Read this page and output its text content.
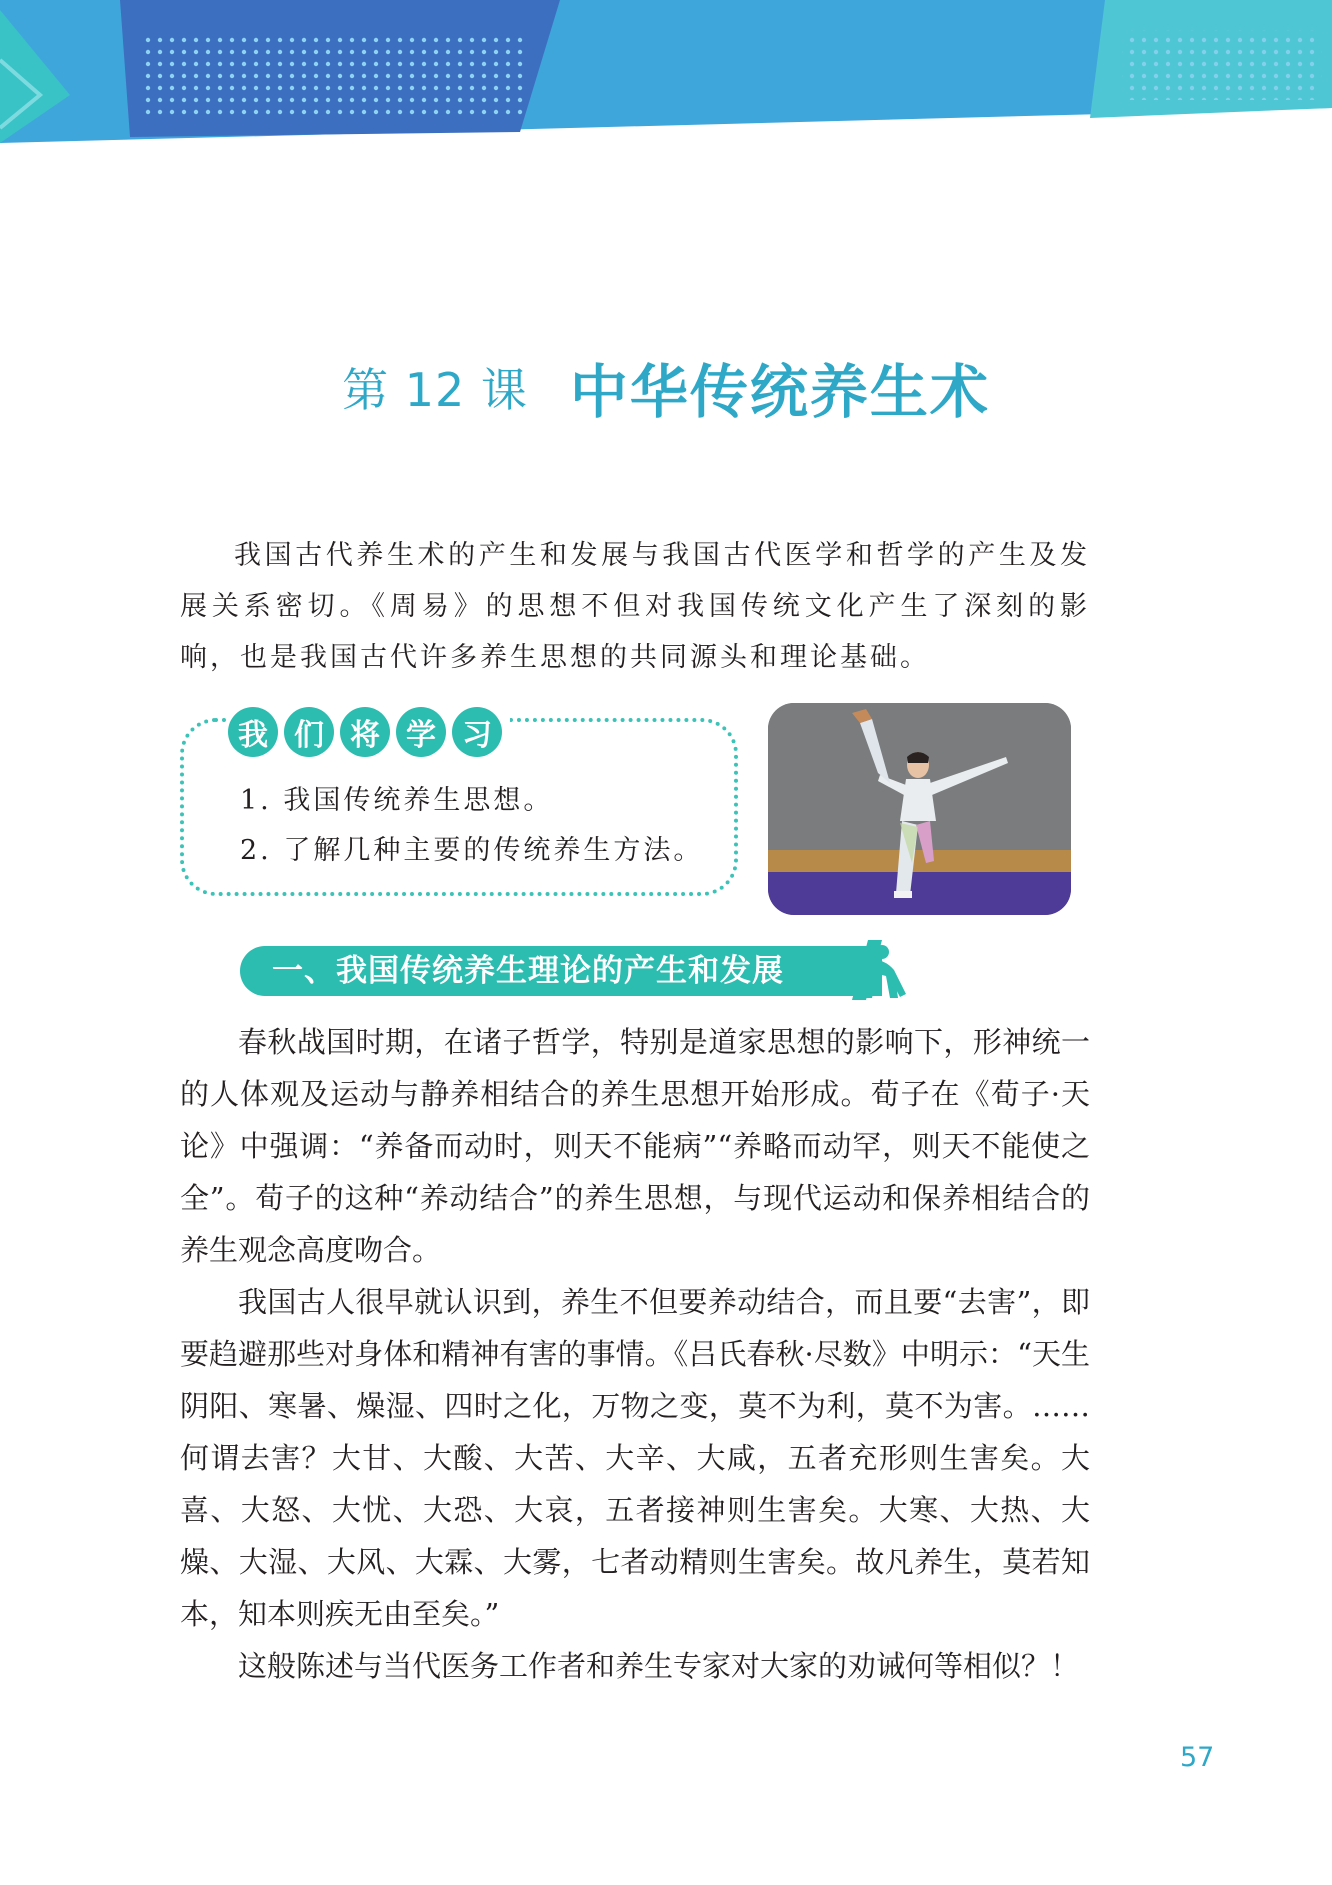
第 12 课 中华传统养生术

我国古代养生术的产生和发展与我国古代医学和哲学的产生及发展关系密切。《周易》的思想不但对我国传统文化产生了深刻的影响，也是我国古代许多养生思想的共同源头和理论基础。

我 们 将 学 习
1. 我国传统养生思想。
2. 了解几种主要的传统养生方法。
一、我国传统养生理论的产生和发展

春秋战国时期，在诸子哲学，特别是道家思想的影响下，形神统一的人体观及运动与静养相结合的养生思想开始形成。荀子在《荀子·天论》中强调：“养备而动时，则天不能病”“养略而动罕，则天不能使之全”。荀子的这种“养动结合”的养生思想，与现代运动和保养相结合的养生观念高度吻合。

我国古人很早就认识到，养生不但要养动结合，而且要“去害”，即要趋避那些对身体和精神有害的事情。《吕氏春秋·尽数》中明示：“天生阴阳、寒暑、燥湿、四时之化，万物之变，莫不为利，莫不为害。……何谓去害？大甘、大酸、大苦、大辛、大咸，五者充形则生害矣。大喜、大怒、大忧、大恐、大哀，五者接神则生害矣。大寒、大热、大燥、大湿、大风、大霖、大雾，七者动精则生害矣。故凡养生，莫若知本，知本则疾无由至矣。”

这般陈述与当代医务工作者和养生专家对大家的劝诫何等相似？！

57
